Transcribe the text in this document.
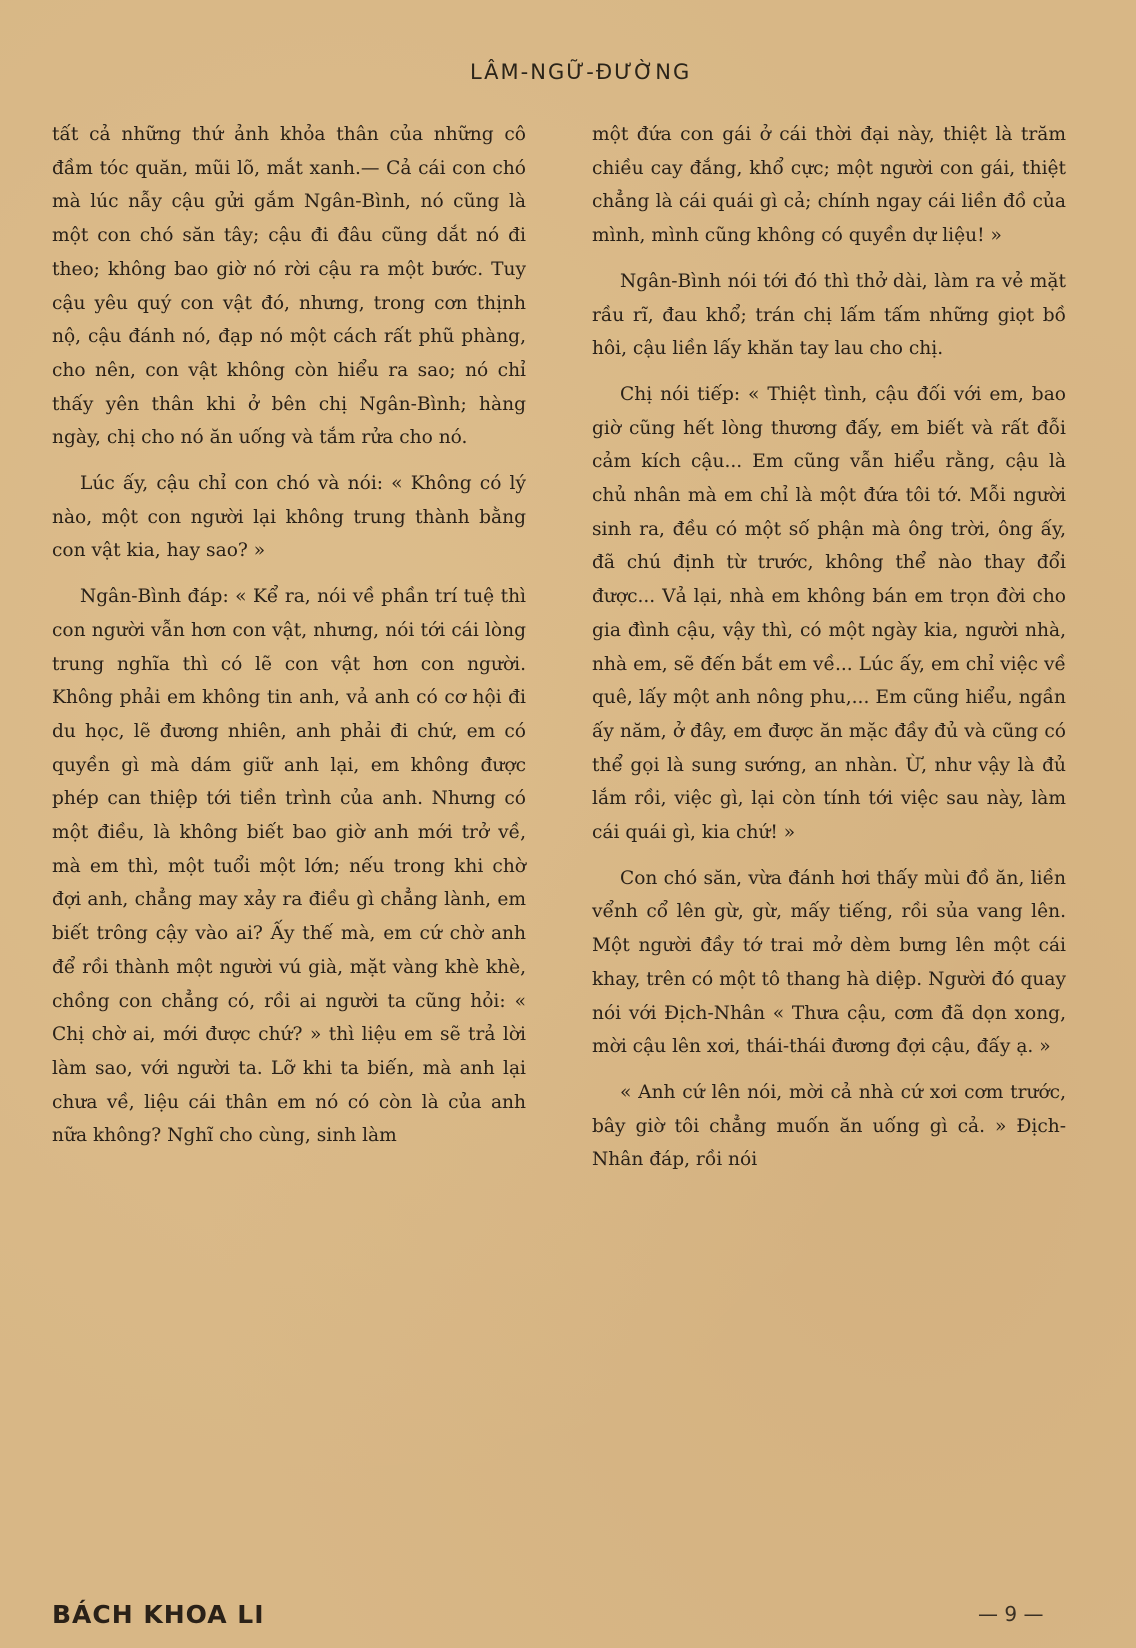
LÂM-NGỮ-ĐƯỜNG

tất cả những thứ ảnh khỏa thân của những cô đầm tóc quăn, mũi lõ, mắt xanh.— Cả cái con chó mà lúc nẫy cậu gửi gắm Ngân-Bình, nó cũng là một con chó săn tây; cậu đi đâu cũng dắt nó đi theo; không bao giờ nó rời cậu ra một bước. Tuy cậu yêu quý con vật đó, nhưng, trong cơn thịnh nộ, cậu đánh nó, đạp nó một cách rất phũ phàng, cho nên, con vật không còn hiểu ra sao; nó chỉ thấy yên thân khi ở bên chị Ngân-Bình; hàng ngày, chị cho nó ăn uống và tắm rửa cho nó.

Lúc ấy, cậu chỉ con chó và nói: « Không có lý nào, một con người lại không trung thành bằng con vật kia, hay sao? »

Ngân-Bình đáp: « Kể ra, nói về phần trí tuệ thì con người vẫn hơn con vật, nhưng, nói tới cái lòng trung nghĩa thì có lẽ con vật hơn con người. Không phải em không tin anh, vả anh có cơ hội đi du học, lẽ đương nhiên, anh phải đi chứ, em có quyền gì mà dám giữ anh lại, em không được phép can thiệp tới tiền trình của anh. Nhưng có một điều, là không biết bao giờ anh mới trở về, mà em thì, một tuổi một lớn; nếu trong khi chờ đợi anh, chẳng may xảy ra điều gì chẳng lành, em biết trông cậy vào ai? Ấy thế mà, em cứ chờ anh để rồi thành một người vú già, mặt vàng khè khè, chồng con chẳng có, rồi ai người ta cũng hỏi: « Chị chờ ai, mới được chứ? » thì liệu em sẽ trả lời làm sao, với người ta. Lỡ khi ta biến, mà anh lại chưa về, liệu cái thân em nó có còn là của anh nữa không? Nghĩ cho cùng, sinh làm

một đứa con gái ở cái thời đại này, thiệt là trăm chiều cay đắng, khổ cực; một người con gái, thiệt chẳng là cái quái gì cả; chính ngay cái liền đồ của mình, mình cũng không có quyền dự liệu! »

Ngân-Bình nói tới đó thì thở dài, làm ra vẻ mặt rầu rĩ, đau khổ; trán chị lấm tấm những giọt bồ hôi, cậu liền lấy khăn tay lau cho chị.

Chị nói tiếp: « Thiệt tình, cậu đối với em, bao giờ cũng hết lòng thương đấy, em biết và rất đỗi cảm kích cậu... Em cũng vẫn hiểu rằng, cậu là chủ nhân mà em chỉ là một đứa tôi tớ. Mỗi người sinh ra, đều có một số phận mà ông trời, ông ấy, đã chú định từ trước, không thể nào thay đổi được... Vả lại, nhà em không bán em trọn đời cho gia đình cậu, vậy thì, có một ngày kia, người nhà, nhà em, sẽ đến bắt em về... Lúc ấy, em chỉ việc về quê, lấy một anh nông phu,... Em cũng hiểu, ngần ấy năm, ở đây, em được ăn mặc đầy đủ và cũng có thể gọi là sung sướng, an nhàn. Ừ, như vậy là đủ lắm rồi, việc gì, lại còn tính tới việc sau này, làm cái quái gì, kia chứ! »

Con chó săn, vừa đánh hơi thấy mùi đồ ăn, liền vểnh cổ lên gừ, gừ, mấy tiếng, rồi sủa vang lên. Một người đầy tớ trai mở dèm bưng lên một cái khay, trên có một tô thang hà diệp. Người đó quay nói với Địch-Nhân « Thưa cậu, cơm đã dọn xong, mời cậu lên xơi, thái-thái đương đợi cậu, đấy ạ. »

« Anh cứ lên nói, mời cả nhà cứ xơi cơm trước, bây giờ tôi chẳng muốn ăn uống gì cả. » Địch-Nhân đáp, rồi nói

BÁCH KHOA LI	— 9 —
